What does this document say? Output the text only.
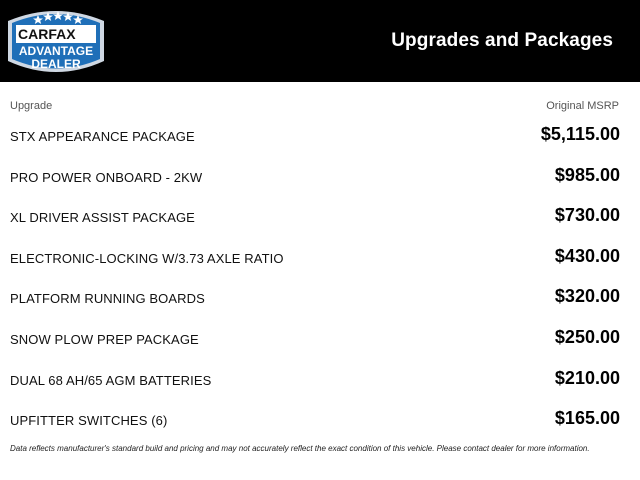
CARFAX
ADVANTAGE
DEALER
Upgrades and Packages
Upgrade	Original MSRP
STX APPEARANCE PACKAGE	$5,115.00
PRO POWER ONBOARD - 2KW	$985.00
XL DRIVER ASSIST PACKAGE	$730.00
ELECTRONIC-LOCKING W/3.73 AXLE RATIO	$430.00
PLATFORM RUNNING BOARDS	$320.00
SNOW PLOW PREP PACKAGE	$250.00
DUAL 68 AH/65 AGM BATTERIES	$210.00
UPFITTER SWITCHES (6)	$165.00
Data reflects manufacturer's standard build and pricing and may not accurately reflect the exact condition of this vehicle. Please contact dealer for more information.
